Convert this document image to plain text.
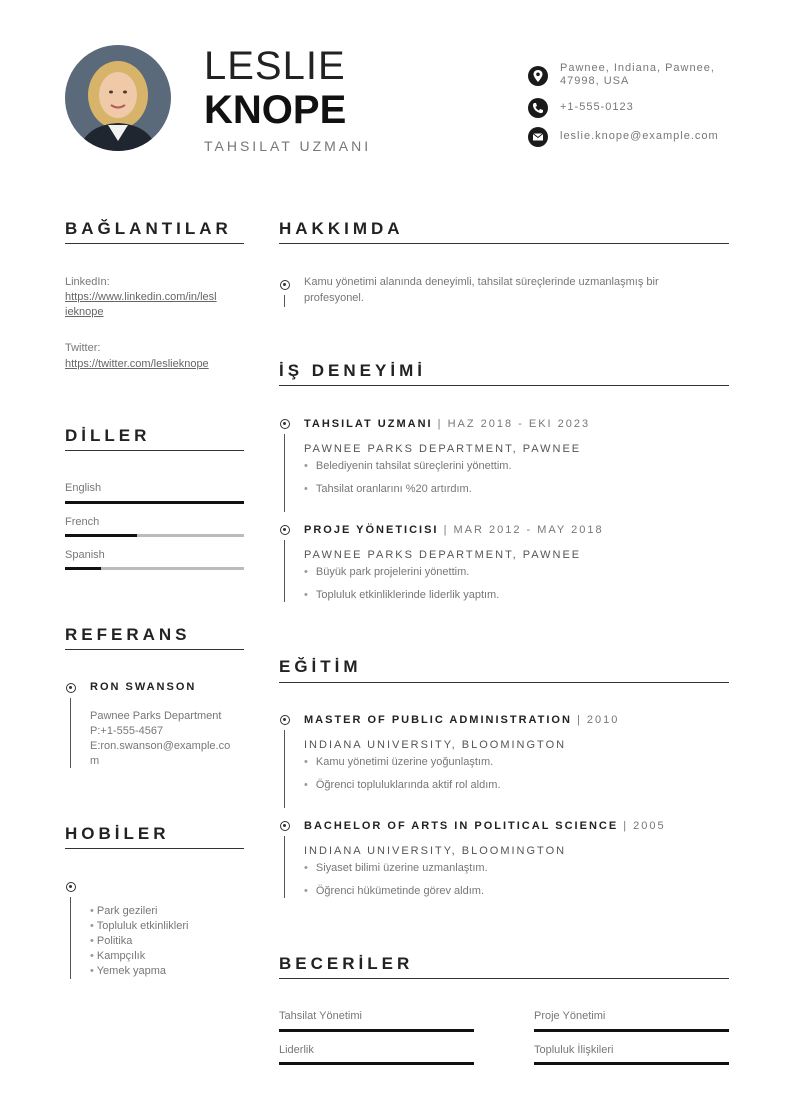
LESLIE
KNOPE
TAHSILAT UZMANI
Pawnee, Indiana, Pawnee, 47998, USA
+1-555-0123
leslie.knope@example.com
BAĞLANTILAR
LinkedIn:
https://www.linkedin.com/in/lesl
ieknope
Twitter:
https://twitter.com/leslieknope
DİLLER
English
French
Spanish
REFERANS
RON SWANSON
Pawnee Parks Department
P:+1-555-4567
E:ron.swanson@example.co
m
HOBİLER
• Park gezileri
• Topluluk etkinlikleri
• Politika
• Kampçılık
• Yemek yapma
HAKKIMDA
Kamu yönetimi alanında deneyimli, tahsilat süreçlerinde uzmanlaşmış bir
profesyonel.
İŞ DENEYİMİ
TAHSILAT UZMANI | HAZ 2018 - EKI 2023
PAWNEE PARKS DEPARTMENT, PAWNEE
• Belediyenin tahsilat süreçlerini yönettim.
• Tahsilat oranlarını %20 artırdım.
PROJE YÖNETICISI | MAR 2012 - MAY 2018
PAWNEE PARKS DEPARTMENT, PAWNEE
• Büyük park projelerini yönettim.
• Topluluk etkinliklerinde liderlik yaptım.
EĞİTİM
MASTER OF PUBLIC ADMINISTRATION | 2010
INDIANA UNIVERSITY, BLOOMINGTON
• Kamu yönetimi üzerine yoğunlaştım.
• Öğrenci topluluklarında aktif rol aldım.
BACHELOR OF ARTS IN POLITICAL SCIENCE | 2005
INDIANA UNIVERSITY, BLOOMINGTON
• Siyaset bilimi üzerine uzmanlaştım.
• Öğrenci hükümetinde görev aldım.
BECERİLER
Tahsilat Yönetimi	Proje Yönetimi
Liderlik	Topluluk İlişkileri
